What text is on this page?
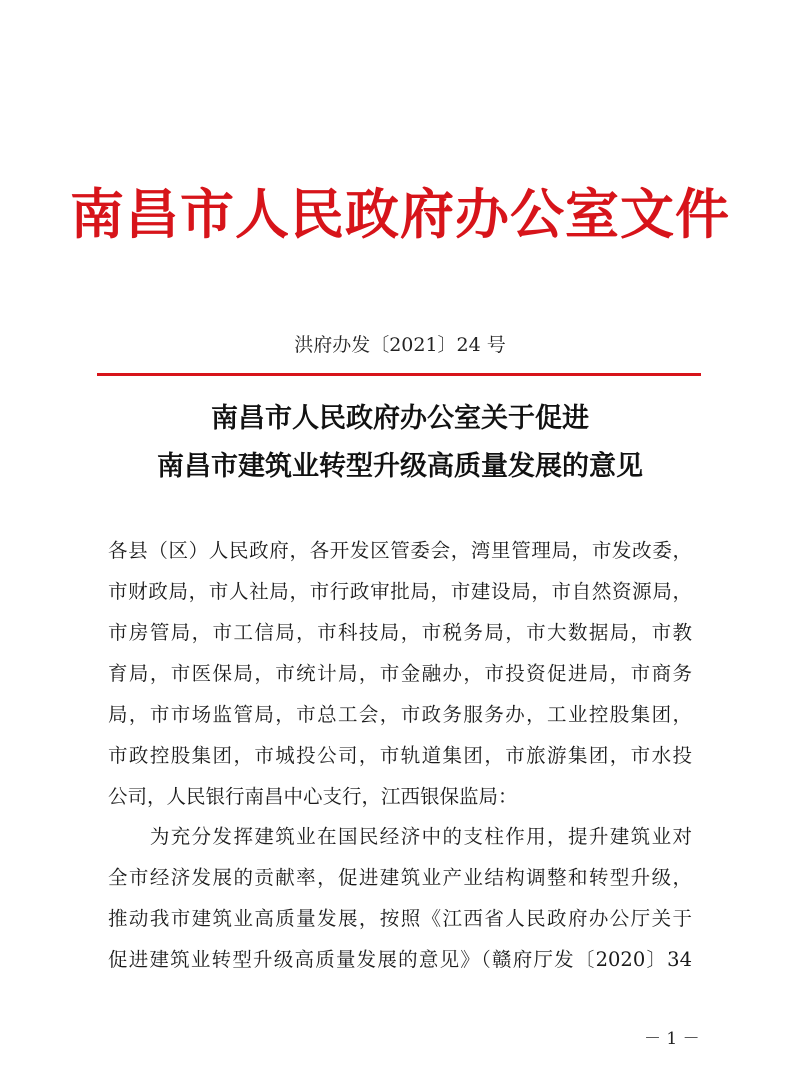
南昌市人民政府办公室文件
洪府办发〔2021〕24 号
南昌市人民政府办公室关于促进
南昌市建筑业转型升级高质量发展的意见
各县（区）人民政府，各开发区管委会，湾里管理局，市发改委，
市财政局，市人社局，市行政审批局，市建设局，市自然资源局，
市房管局，市工信局，市科技局，市税务局，市大数据局，市教
育局，市医保局，市统计局，市金融办，市投资促进局，市商务
局，市市场监管局，市总工会，市政务服务办，工业控股集团，
市政控股集团，市城投公司，市轨道集团，市旅游集团，市水投
公司，人民银行南昌中心支行，江西银保监局：
　　为充分发挥建筑业在国民经济中的支柱作用，提升建筑业对
全市经济发展的贡献率，促进建筑业产业结构调整和转型升级，
推动我市建筑业高质量发展，按照《江西省人民政府办公厅关于
促进建筑业转型升级高质量发展的意见》（赣府厅发〔2020〕34
－ 1 －
